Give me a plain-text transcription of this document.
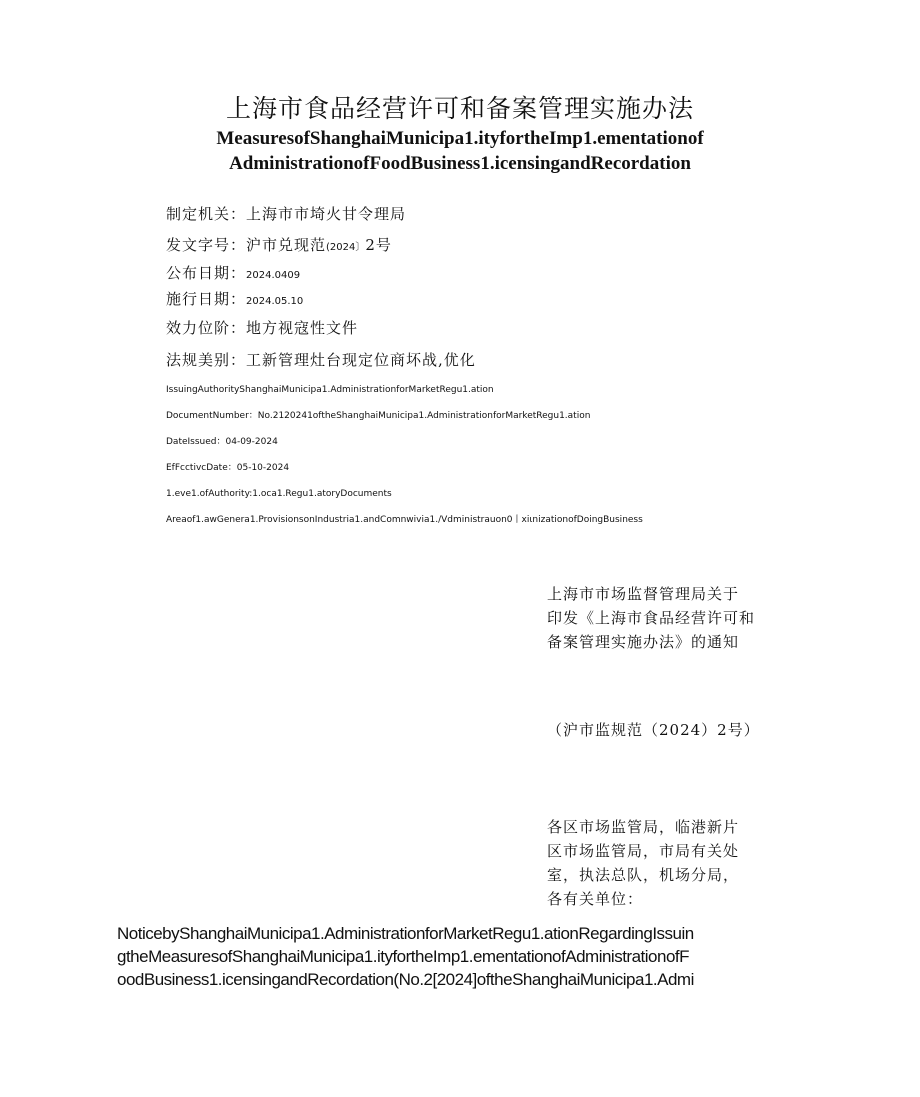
上海市食品经营许可和备案管理实施办法
MeasuresofShanghaiMunicipa1.ityfortheImp1.ementationof
AdministrationofFoodBusiness1.icensingandRecordation
制定机关：上海市市埼火甘令理局
发文字号：沪市兑现范(2024〕2号
公布日期：2024.0409
施行日期：2024.05.10
效力位阶：地方视寇性文件
法规美别：工新管理灶台现定位商坏战,优化
IssuingAuthorityShanghaiMunicipa1.AdministrationforMarketRegu1.ation
DocumentNumber：No.2120241oftheShanghaiMunicipa1.AdministrationforMarketRegu1.ation
DateIssued：04-09-2024
EfFcctivcDate：05-10-2024
1.eve1.ofAuthority:1.oca1.Regu1.atoryDocuments
Areaof1.awGenera1.ProvisionsonIndustria1.andComnwivia1./Vdministrauon0丨xiιnizationofDoingBusiness
上海市市场监督管理局关于
印发《上海市食品经营许可和
备案管理实施办法》的通知
（沪市监规范（2024）2号）
各区市场监管局，临港新片
区市场监管局，市局有关处
室，执法总队，机场分局，
各有关单位：
NoticebyShanghaiMunicipa1.AdministrationforMarketRegu1.ationRegardingIssuin
gtheMeasuresofShanghaiMunicipa1.ityfortheImp1.ementationofAdministrationofF
oodBusiness1.icensingandRecordation(No.2[2024]oftheShanghaiMunicipa1.Admi
